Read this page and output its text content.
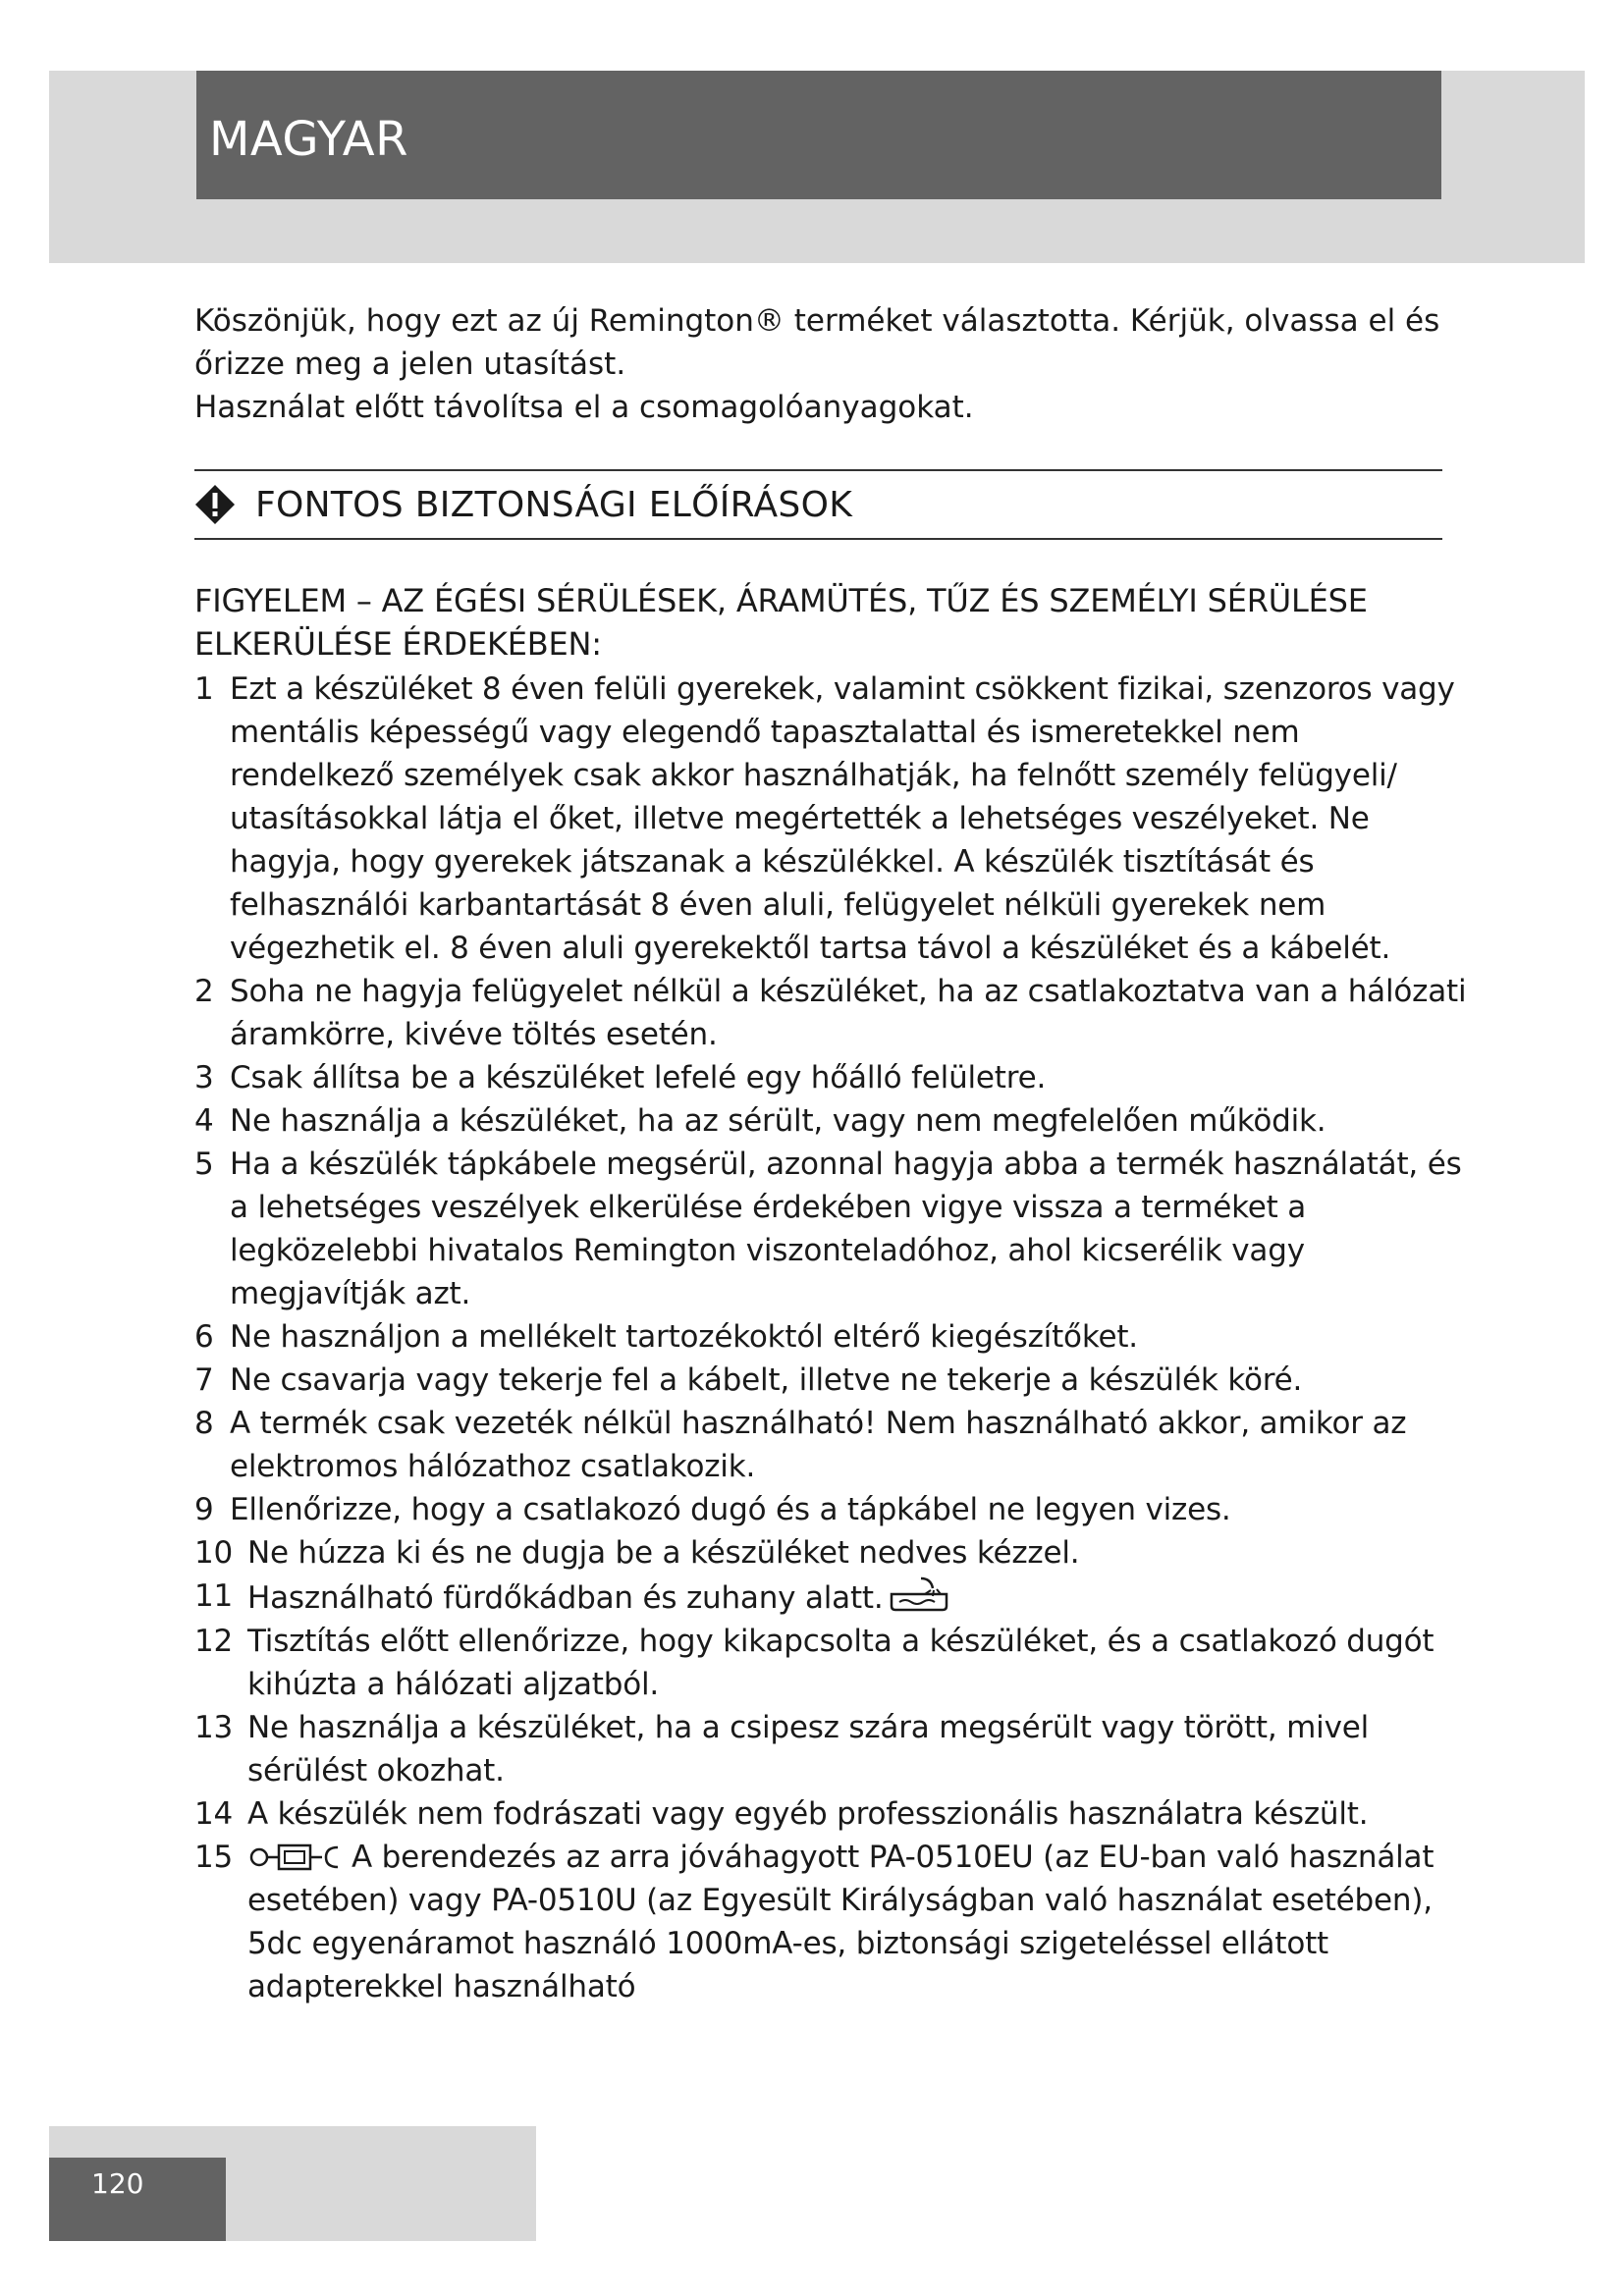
MAGYAR

Köszönjük, hogy ezt az új Remington® terméket választotta. Kérjük, olvassa el és őrizze meg a jelen utasítást.

Használat előtt távolítsa el a csomagolóanyagokat.

FONTOS BIZTONSÁGI ELŐÍRÁSOK
FIGYELEM – AZ ÉGÉSI SÉRÜLÉSEK, ÁRAMÜTÉS, TŰZ ÉS SZEMÉLYI SÉRÜLÉSE ELKERÜLÉSE ÉRDEKÉBEN:
1 Ezt a készüléket 8 éven felüli gyerekek, valamint csökkent fizikai, szenzoros vagy mentális képességű vagy elegendő tapasztalattal és ismeretekkel nem rendelkező személyek csak akkor használhatják, ha felnőtt személy felügyeli/ utasításokkal látja el őket, illetve megértették a lehetséges veszélyeket. Ne hagyja, hogy gyerekek játszanak a készülékkel. A készülék tisztítását és felhasználói karbantartását 8 éven aluli, felügyelet nélküli gyerekek nem végezhetik el. 8 éven aluli gyerekektől tartsa távol a készüléket és a kábelét.
2 Soha ne hagyja felügyelet nélkül a készüléket, ha az csatlakoztatva van a hálózati áramkörre, kivéve töltés esetén.
3 Csak állítsa be a készüléket lefelé egy hőálló felületre.
4 Ne használja a készüléket, ha az sérült, vagy nem megfelelően működik.
5 Ha a készülék tápkábele megsérül, azonnal hagyja abba a termék használatát, és a lehetséges veszélyek elkerülése érdekében vigye vissza a terméket a legközelebbi hivatalos Remington viszonteladóhoz, ahol kicserélik vagy megjavítják azt.
6 Ne használjon a mellékelt tartozékoktól eltérő kiegészítőket.
7 Ne csavarja vagy tekerje fel a kábelt, illetve ne tekerje a készülék köré.
8 A termék csak vezeték nélkül használható! Nem használható akkor, amikor az elektromos hálózathoz csatlakozik.
9 Ellenőrizze, hogy a csatlakozó dugó és a tápkábel ne legyen vizes.
10 Ne húzza ki és ne dugja be a készüléket nedves kézzel.
11 Használható fürdőkádban és zuhany alatt.
12 Tisztítás előtt ellenőrizze, hogy kikapcsolta a készüléket, és a csatlakozó dugót kihúzta a hálózati aljzatból.
13 Ne használja a készüléket, ha a csipesz szára megsérült vagy törött, mivel sérülést okozhat.
14 A készülék nem fodrászati vagy egyéb professzionális használatra készült.
15	A berendezés az arra jóváhagyott PA-0510EU (az EU-ban való használat esetében) vagy PA-0510U (az Egyesült Királyságban való használat esetében), 5dc egyenáramot használó 1000mA-es, biztonsági szigeteléssel ellátott adapterekkel használható
120
